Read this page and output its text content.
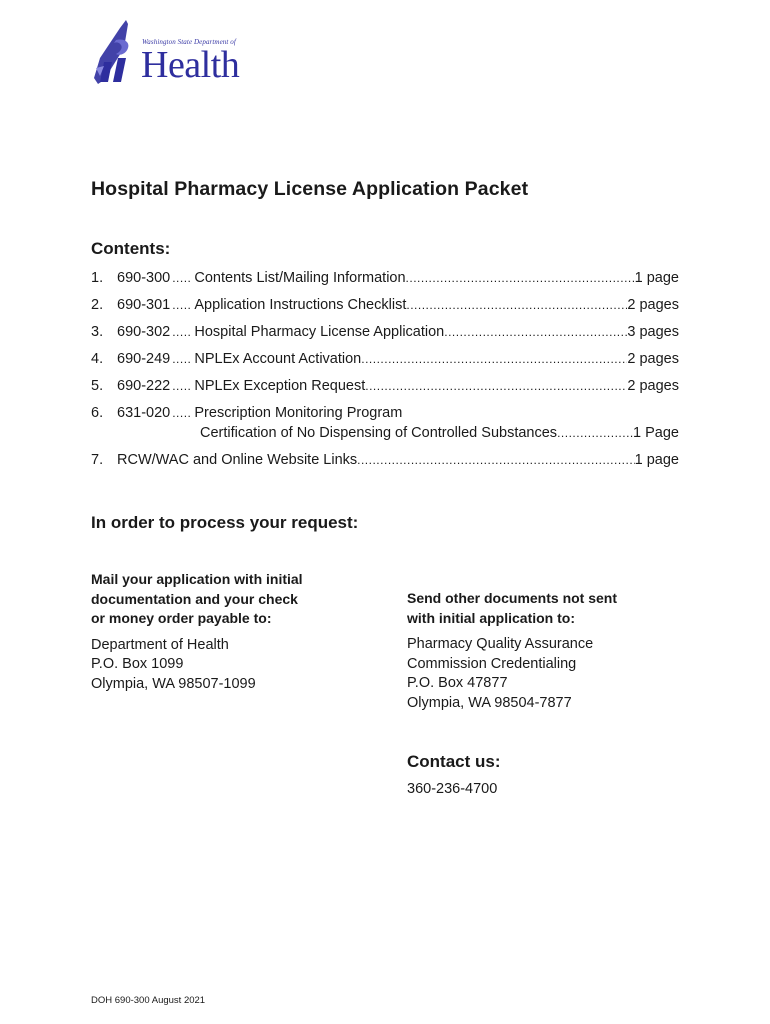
Washington State Department of
Health
Hospital Pharmacy License Application Packet
Contents:
1. 690-300 ..... Contents List/Mailing Information .....	1 page
2. 690-301 ..... Application Instructions Checklist .....	2 pages
3. 690-302 ..... Hospital Pharmacy License Application .....	3 pages
4. 690-249 ..... NPLEx Account Activation .....	2 pages
5. 690-222 ..... NPLEx Exception Request .....	2 pages
6. 631-020 ..... Prescription Monitoring Program
Certification of No Dispensing of Controlled Substances .....	1 Page
7. RCW/WAC and Online Website Links .....	1 page
In order to process your request:
Mail your application with initial
documentation and your check
or money order payable to:
Department of Health
P.O. Box 1099
Olympia, WA 98507-1099
Send other documents not sent
with initial application to:
Pharmacy Quality Assurance
Commission Credentialing
P.O. Box 47877
Olympia, WA 98504-7877
Contact us:
360-236-4700
DOH 690-300 August 2021
